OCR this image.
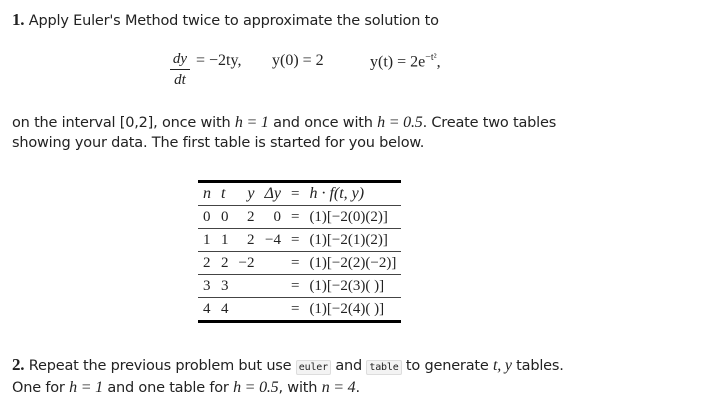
1. Apply Euler's Method twice to approximate the solution to
dy
dt
= −2ty, y(0) = 2	$y(t) = 2e^{-t^2}$,
on the interval [0,2], once with h = 1 and once with h = 0.5. Create two tables
showing your data. The first table is started for you below.
n	t	y	Δy	=	h · f(t, y)
0	0	2	0	=	(1)[−2(0)(2)]
1	1	2	−4	=	(1)[−2(1)(2)]
2	2	−2		=	(1)[−2(2)(−2)]
3	3			=	(1)[−2(3)( )]
4	4			=	(1)[−2(4)( )]
2. Repeat the previous problem but use euler and table to generate t, y tables.
One for h = 1 and one table for h = 0.5, with n = 4.
